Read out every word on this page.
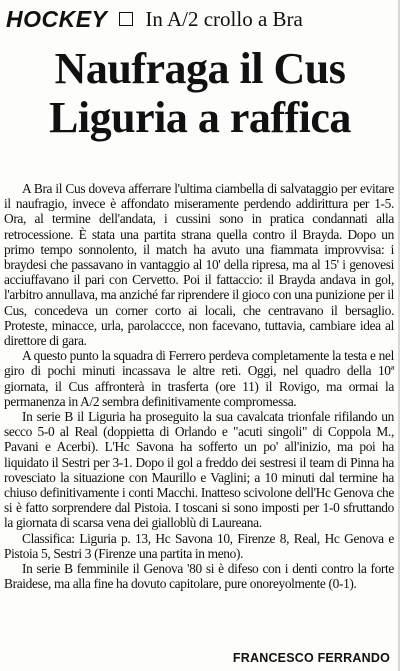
HOCKEY In A/2 crollo a Bra
Naufraga il Cus
Liguria a raffica

A Bra il Cus doveva afferrare l'ultima ciambella di salvataggio per evitare il naufragio, invece è affondato miseramente perdendo addirittura per 1-5. Ora, al termine dell'andata, i cussini sono in pratica condannati alla retrocessione. È stata una partita strana quella contro il Brayda. Dopo un primo tempo sonnolento, il match ha avuto una fiammata improvvisa: i braydesi che passavano in vantaggio al 10' della ripresa, ma al 15' i genovesi acciuffavano il pari con Cervetto. Poi il fattaccio: il Brayda andava in gol, l'arbitro annullava, ma anziché far riprendere il gioco con una punizione per il Cus, concedeva un corner corto ai locali, che centravano il bersaglio. Proteste, minacce, urla, parolaccce, non facevano, tuttavia, cambiare idea al direttore di gara.

A questo punto la squadra di Ferrero perdeva completamente la testa e nel giro di pochi minuti incassava le altre reti. Oggi, nel quadro della 10ª giornata, il Cus affronterà in trasferta (ore 11) il Rovigo, ma ormai la permanenza in A/2 sembra definitivamente compromessa.

In serie B il Liguria ha proseguito la sua cavalcata trionfale rifilando un secco 5-0 al Real (doppietta di Orlando e "acuti singoli" di Coppola M., Pavani e Acerbi). L'Hc Savona ha sofferto un po' all'inizio, ma poi ha liquidato il Sestri per 3-1. Dopo il gol a freddo dei sestresi il team di Pinna ha rovesciato la situazione con Maurillo e Vaglini; a 10 minuti dal termine ha chiuso definitivamente i conti Macchi. Inatteso scivolone dell'Hc Genova che si è fatto sorprendere dal Pistoia. I toscani si sono imposti per 1-0 sfruttando la giornata di scarsa vena dei gialloblù di Laureana.

Classifica: Liguria p. 13, Hc Savona 10, Firenze 8, Real, Hc Genova e Pistoia 5, Sestri 3 (Firenze una partita in meno).

In serie B femminile il Genova '80 si è difeso con i denti contro la forte Braidese, ma alla fine ha dovuto capitolare, pure onoreyolmente (0-1).

FRANCESCO FERRANDO
